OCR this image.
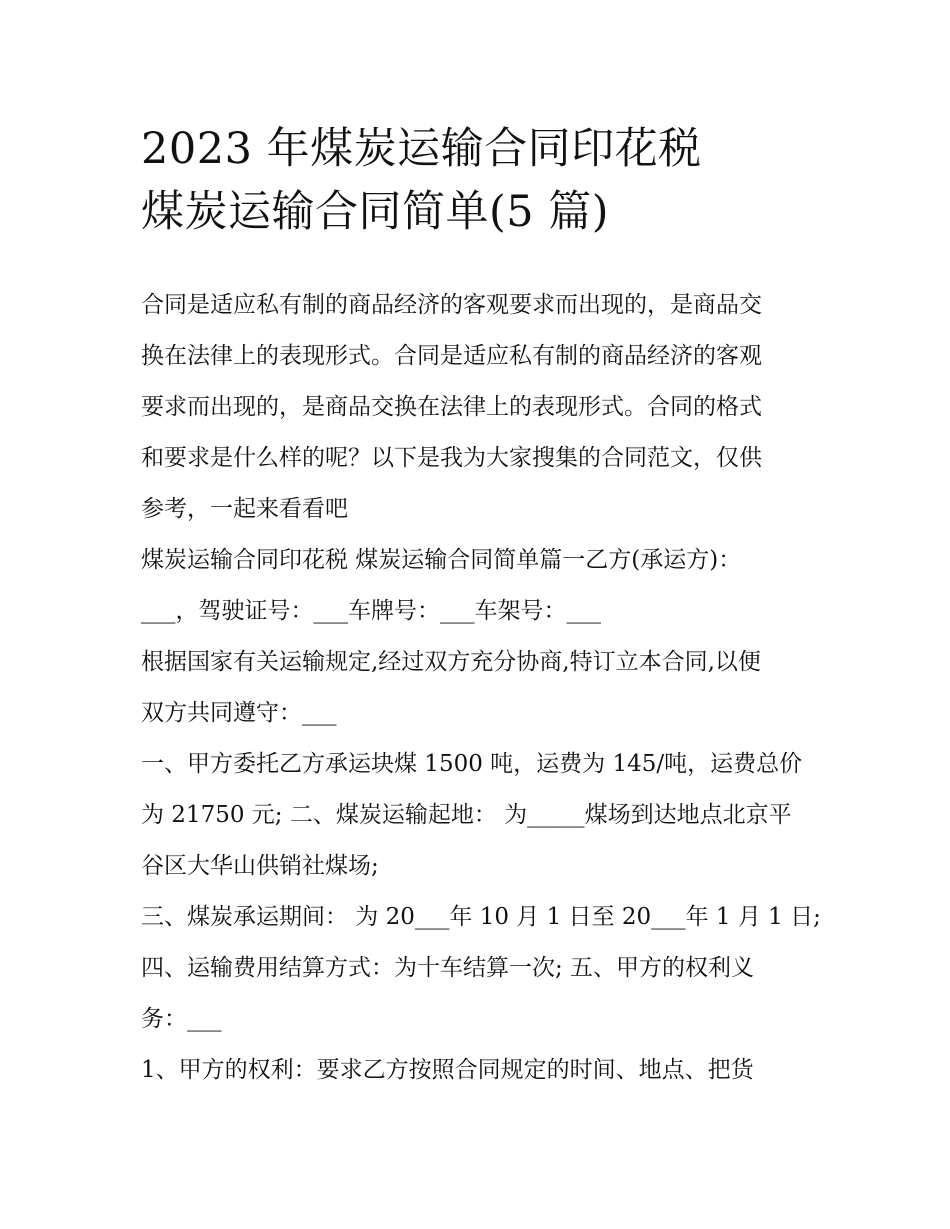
2023 年煤炭运输合同印花税
煤炭运输合同简单(5 篇)
合同是适应私有制的商品经济的客观要求而出现的，是商品交
换在法律上的表现形式。合同是适应私有制的商品经济的客观
要求而出现的，是商品交换在法律上的表现形式。合同的格式
和要求是什么样的呢？以下是我为大家搜集的合同范文，仅供
参考，一起来看看吧
煤炭运输合同印花税 煤炭运输合同简单篇一乙方(承运方)：
___，驾驶证号：___车牌号：___车架号：___
根据国家有关运输规定,经过双方充分协商,特订立本合同,以便
双方共同遵守：___
一、甲方委托乙方承运块煤 1500 吨，运费为 145/吨，运费总价
为 21750 元; 二、煤炭运输起地： 为_____煤场到达地点北京平
谷区大华山供销社煤场;
三、煤炭承运期间： 为 20___年 10 月 1 日至 20___年 1 月 1 日;
四、运输费用结算方式：为十车结算一次; 五、甲方的权利义
务：___
1、甲方的权利：要求乙方按照合同规定的时间、地点、把货
